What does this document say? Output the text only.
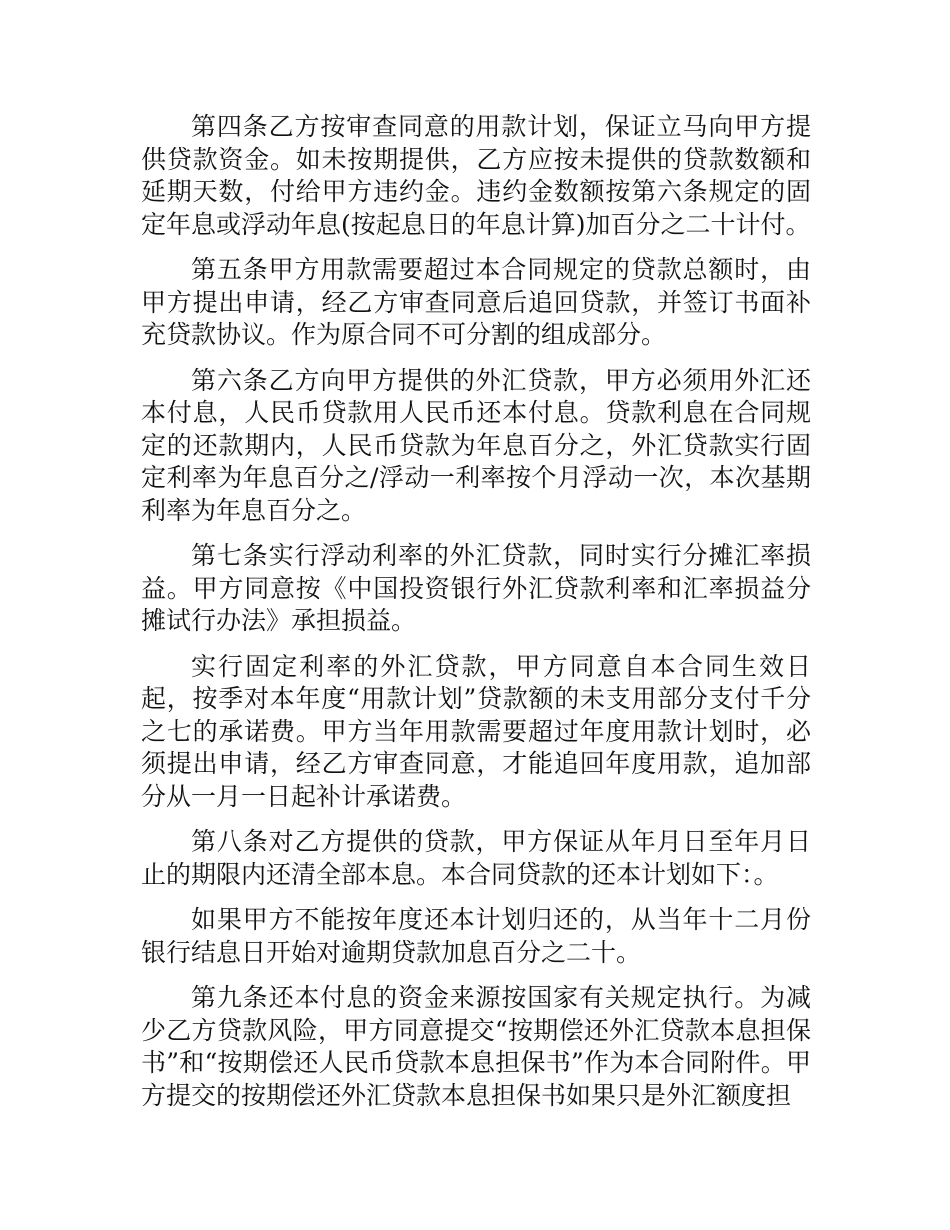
第四条乙方按审查同意的用款计划，保证立马向甲方提供贷款资金。如未按期提供，乙方应按未提供的贷款数额和延期天数，付给甲方违约金。违约金数额按第六条规定的固定年息或浮动年息(按起息日的年息计算)加百分之二十计付。

第五条甲方用款需要超过本合同规定的贷款总额时，由甲方提出申请，经乙方审查同意后追回贷款，并签订书面补充贷款协议。作为原合同不可分割的组成部分。

第六条乙方向甲方提供的外汇贷款，甲方必须用外汇还本付息，人民币贷款用人民币还本付息。贷款利息在合同规定的还款期内，人民币贷款为年息百分之，外汇贷款实行固定利率为年息百分之/浮动一利率按个月浮动一次，本次基期利率为年息百分之。

第七条实行浮动利率的外汇贷款，同时实行分摊汇率损益。甲方同意按《中国投资银行外汇贷款利率和汇率损益分摊试行办法》承担损益。

实行固定利率的外汇贷款，甲方同意自本合同生效日起，按季对本年度“用款计划”贷款额的未支用部分支付千分之七的承诺费。甲方当年用款需要超过年度用款计划时，必须提出申请，经乙方审查同意，才能追回年度用款，追加部分从一月一日起补计承诺费。

第八条对乙方提供的贷款，甲方保证从年月日至年月日止的期限内还清全部本息。本合同贷款的还本计划如下：。

如果甲方不能按年度还本计划归还的，从当年十二月份银行结息日开始对逾期贷款加息百分之二十。

第九条还本付息的资金来源按国家有关规定执行。为减少乙方贷款风险，甲方同意提交“按期偿还外汇贷款本息担保书”和“按期偿还人民币贷款本息担保书”作为本合同附件。甲方提交的按期偿还外汇贷款本息担保书如果只是外汇额度担
